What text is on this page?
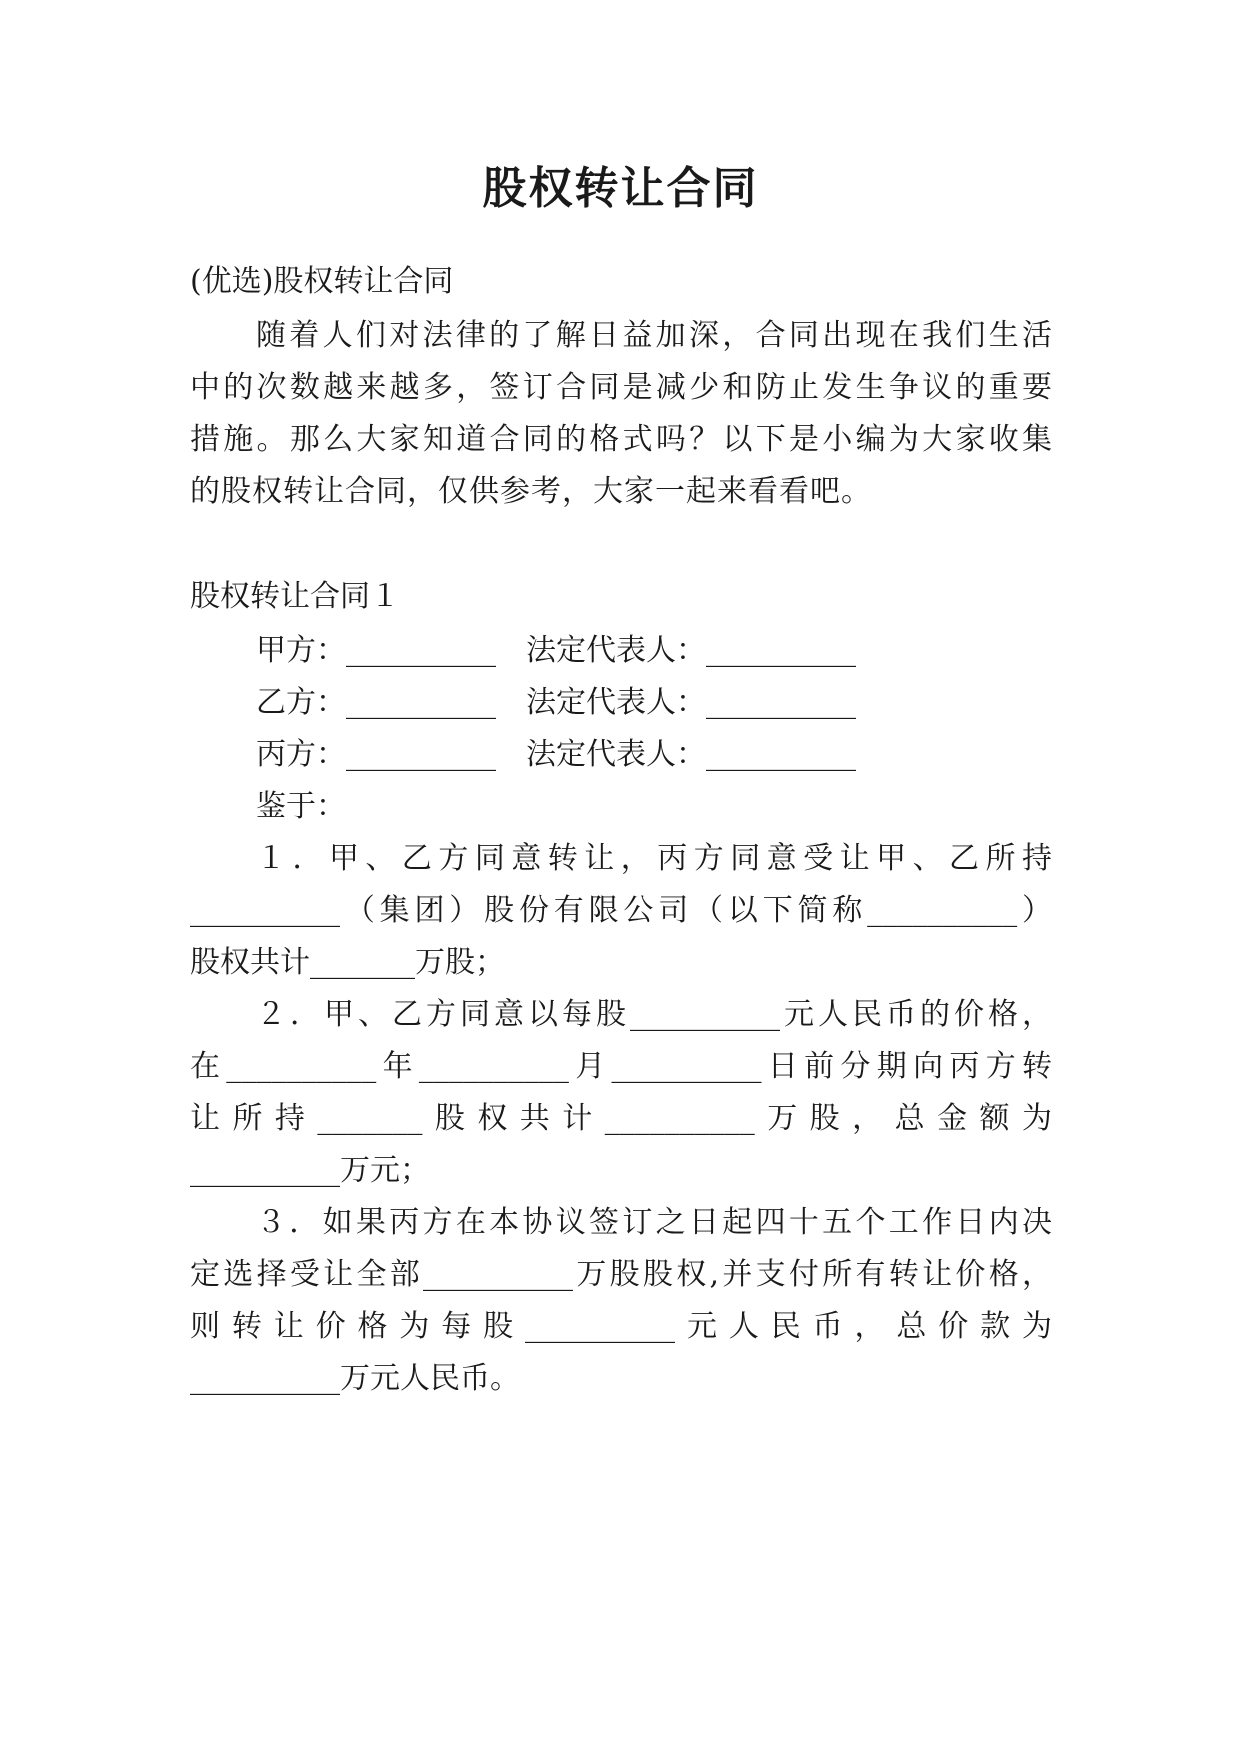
股权转让合同
(优选)股权转让合同
随着人们对法律的了解日益加深，合同出现在我们生活
中的次数越来越多，签订合同是减少和防止发生争议的重要
措施。那么大家知道合同的格式吗？以下是小编为大家收集
的股权转让合同，仅供参考，大家一起来看看吧。
股权转让合同１
甲方：__________　法定代表人：__________
乙方：__________　法定代表人：__________
丙方：__________　法定代表人：__________
鉴于：
１．甲、乙方同意转让，丙方同意受让甲、乙所持
__________（集团）股份有限公司（以下简称__________）
股权共计_______万股；
２．甲、乙方同意以每股__________元人民币的价格，
在__________年__________月__________日前分期向丙方转
让所持_______股权共计__________万股，总金额为
__________万元；
３．如果丙方在本协议签订之日起四十五个工作日内决
定选择受让全部__________万股股权,并支付所有转让价格，
则转让价格为每股__________元人民币，总价款为
__________万元人民币。
